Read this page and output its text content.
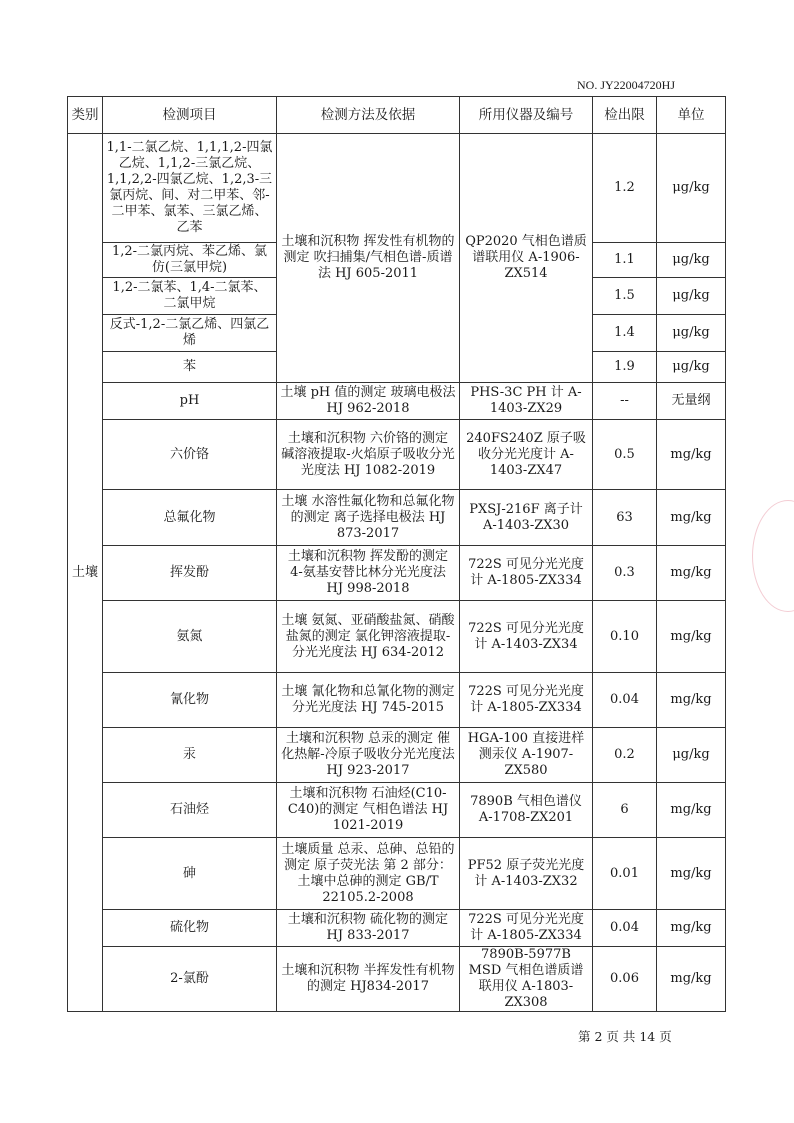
NO. JY22004720HJ
类别	检测项目	检测方法及依据	所用仪器及编号	检出限	单位
土壤	1,1-二氯乙烷、1,1,1,2-四氯乙烷、1,1,2-三氯乙烷、1,1,2,2-四氯乙烷、1,2,3-三氯丙烷、间、对二甲苯、邻-二甲苯、氯苯、三氯乙烯、乙苯	土壤和沉积物 挥发性有机物的测定 吹扫捕集/气相色谱-质谱法 HJ 605-2011	QP2020 气相色谱质谱联用仪 A-1906-ZX514	1.2	μg/kg
	1,2-二氯丙烷、苯乙烯、氯仿(三氯甲烷)			1.1	μg/kg
	1,2-二氯苯、1,4-二氯苯、二氯甲烷			1.5	μg/kg
	反式-1,2-二氯乙烯、四氯乙烯			1.4	μg/kg
	苯			1.9	μg/kg
	pH	土壤 pH 值的测定 玻璃电极法 HJ 962-2018	PHS-3C PH 计 A-1403-ZX29	--	无量纲
	六价铬	土壤和沉积物 六价铬的测定 碱溶液提取-火焰原子吸收分光光度法 HJ 1082-2019	240FS240Z 原子吸收分光光度计 A-1403-ZX47	0.5	mg/kg
	总氟化物	土壤 水溶性氟化物和总氟化物的测定 离子选择电极法 HJ 873-2017	PXSJ-216F 离子计 A-1403-ZX30	63	mg/kg
	挥发酚	土壤和沉积物 挥发酚的测定 4-氨基安替比林分光光度法 HJ 998-2018	722S 可见分光光度计 A-1805-ZX334	0.3	mg/kg
	氨氮	土壤 氨氮、亚硝酸盐氮、硝酸盐氮的测定 氯化钾溶液提取-分光光度法 HJ 634-2012	722S 可见分光光度计 A-1403-ZX34	0.10	mg/kg
	氰化物	土壤 氰化物和总氰化物的测定 分光光度法 HJ 745-2015	722S 可见分光光度计 A-1805-ZX334	0.04	mg/kg
	汞	土壤和沉积物 总汞的测定 催化热解-冷原子吸收分光光度法 HJ 923-2017	HGA-100 直接进样测汞仪 A-1907-ZX580	0.2	μg/kg
	石油烃	土壤和沉积物 石油烃(C10-C40)的测定 气相色谱法 HJ 1021-2019	7890B 气相色谱仪 A-1708-ZX201	6	mg/kg
	砷	土壤质量 总汞、总砷、总铅的测定 原子荧光法 第 2 部分：土壤中总砷的测定 GB/T 22105.2-2008	PF52 原子荧光光度计 A-1403-ZX32	0.01	mg/kg
	硫化物	土壤和沉积物 硫化物的测定 HJ 833-2017	722S 可见分光光度计 A-1805-ZX334	0.04	mg/kg
	2-氯酚	土壤和沉积物 半挥发性有机物的测定 HJ834-2017	7890B-5977B MSD 气相色谱质谱联用仪 A-1803-ZX308	0.06	mg/kg
第 2 页 共 14 页
